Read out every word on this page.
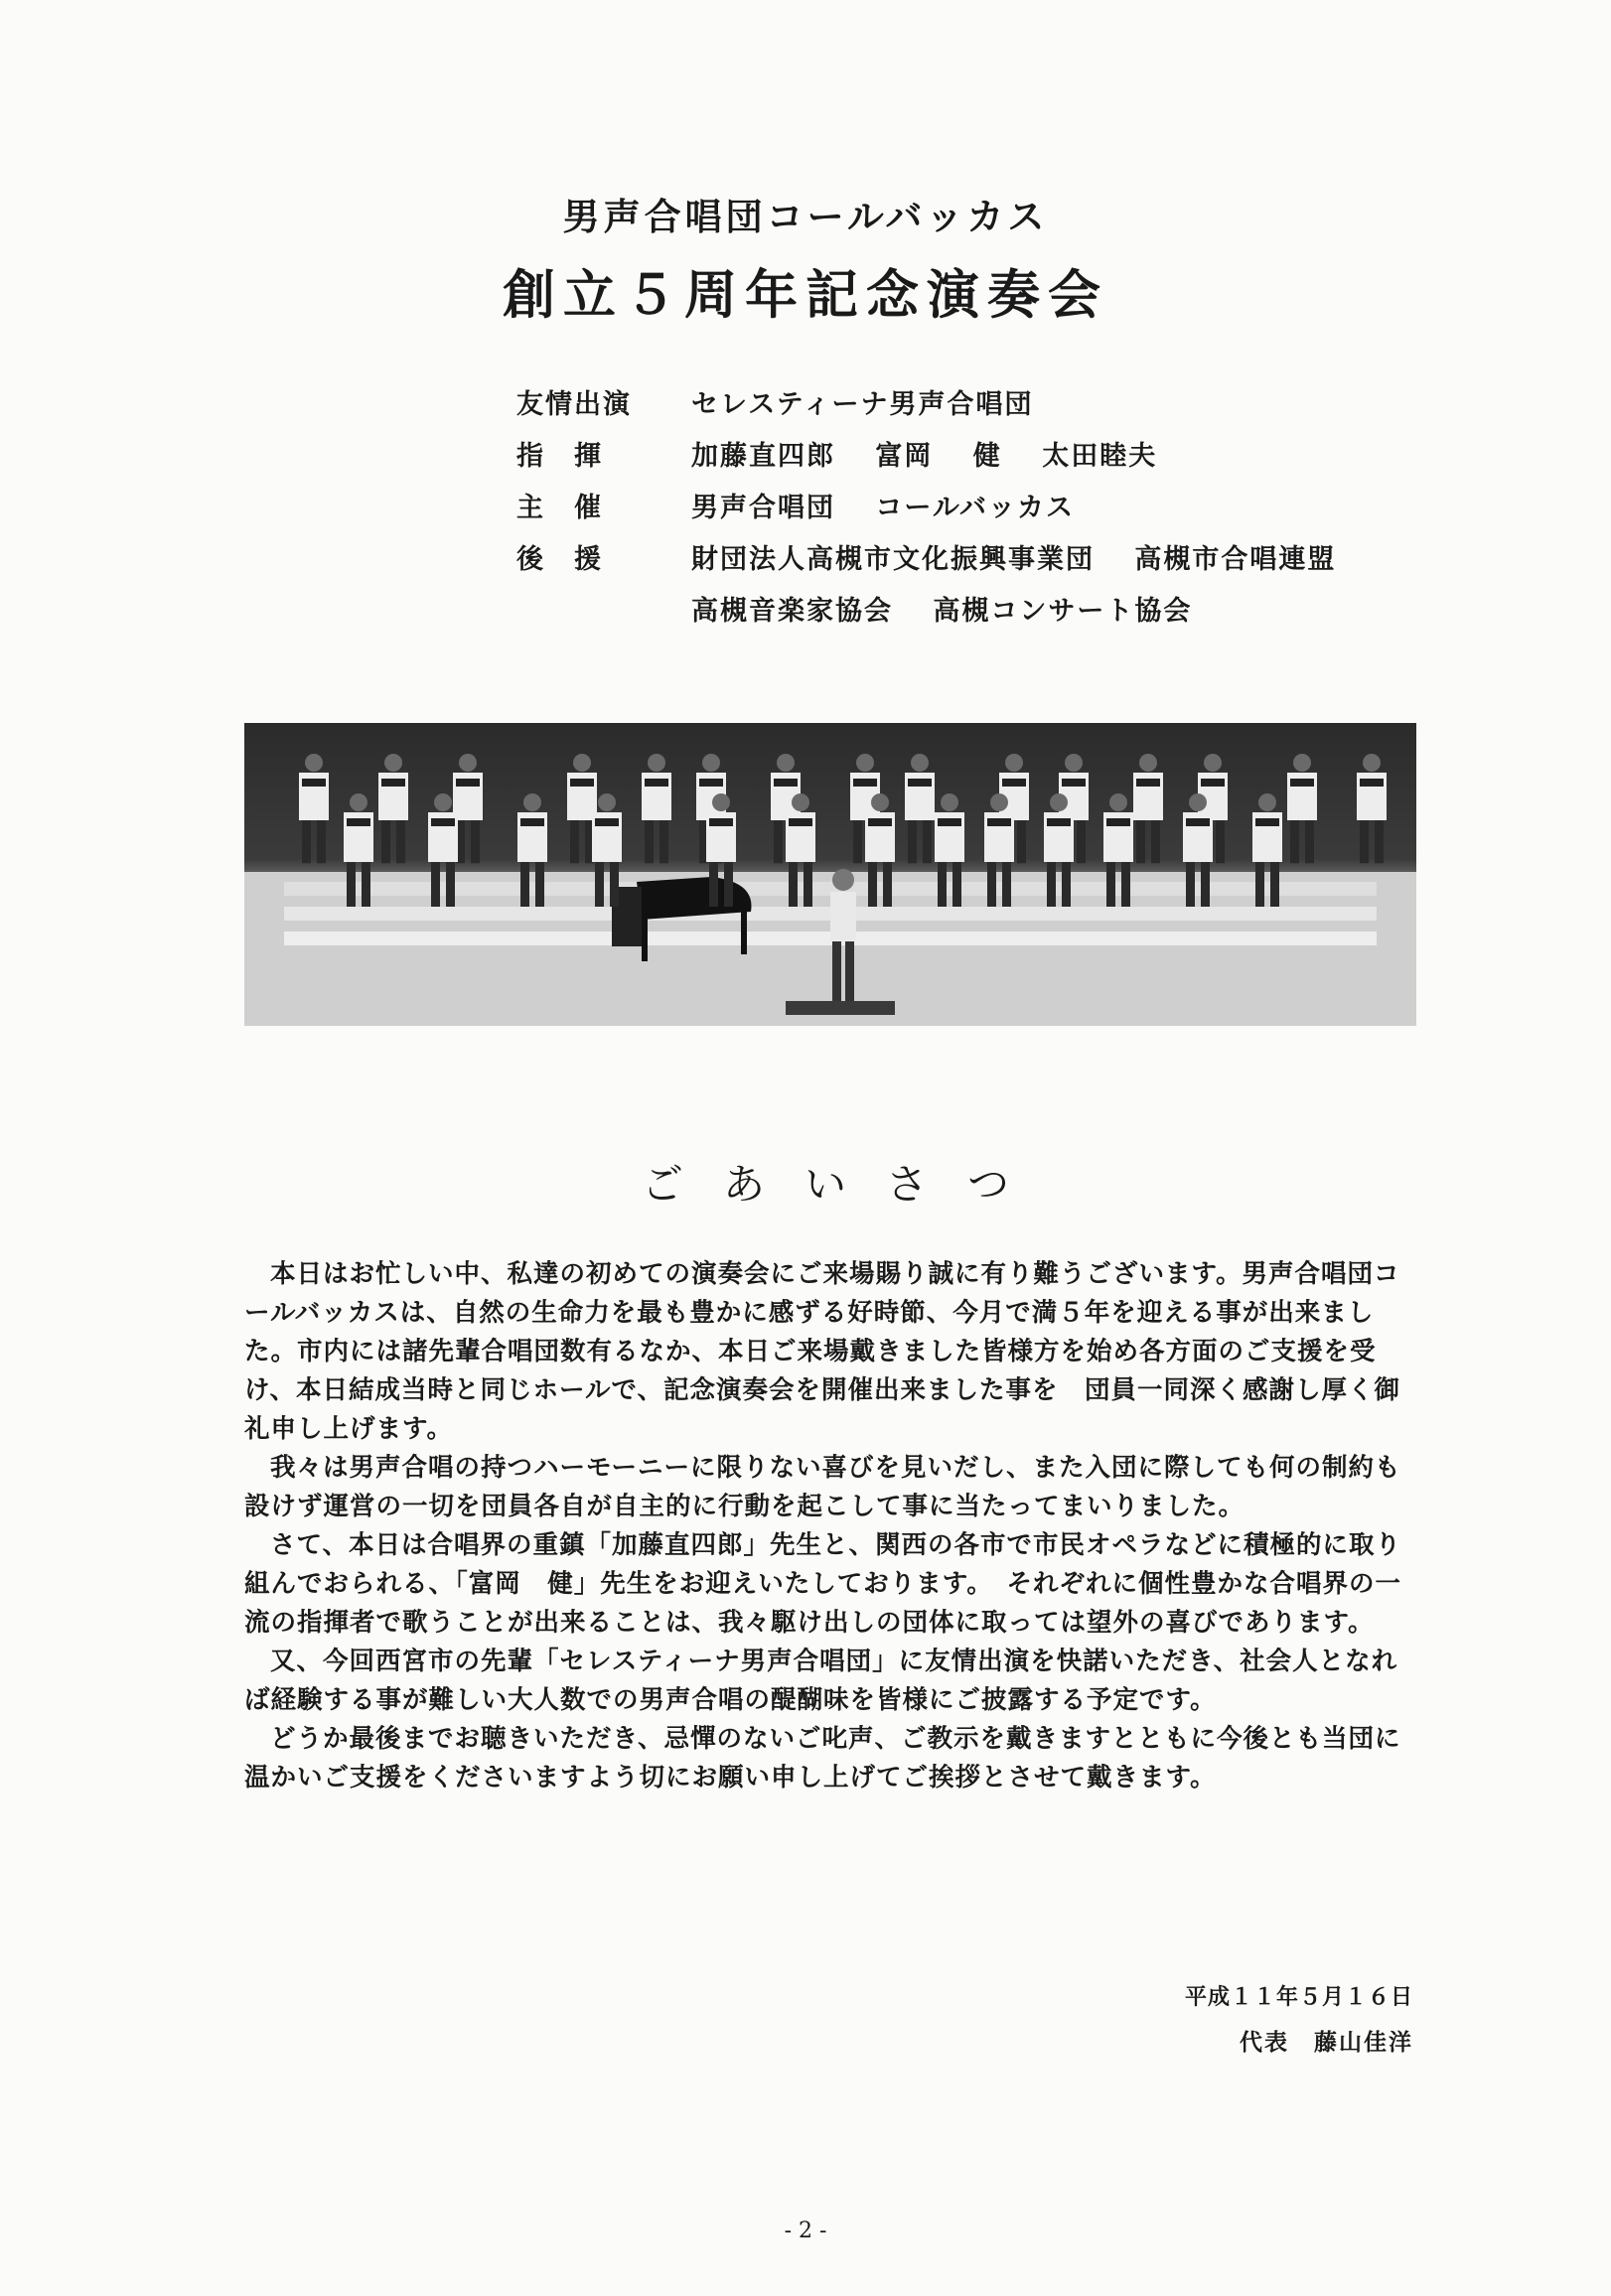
男声合唱団コールバッカス
創立５周年記念演奏会
友情出演	セレスティーナ男声合唱団
指　揮	加藤直四郎　 富岡　 健　 太田睦夫
主　催	男声合唱団　 コールバッカス
後　援	財団法人高槻市文化振興事業団　 高槻市合唱連盟
高槻音楽家協会　 高槻コンサート協会
ごあいさつ

本日はお忙しい中、私達の初めての演奏会にご来場賜り誠に有り難うございます。男声合唱団コールバッカスは、自然の生命力を最も豊かに感ずる好時節、今月で満５年を迎える事が出来ました。市内には諸先輩合唱団数有るなか、本日ご来場戴きました皆様方を始め各方面のご支援を受け、本日結成当時と同じホールで、記念演奏会を開催出来ました事を　団員一同深く感謝し厚く御礼申し上げます。

我々は男声合唱の持つハーモーニーに限りない喜びを見いだし、また入団に際しても何の制約も設けず運営の一切を団員各自が自主的に行動を起こして事に当たってまいりました。

さて、本日は合唱界の重鎮「加藤直四郎」先生と、関西の各市で市民オペラなどに積極的に取り組んでおられる、「富岡　健」先生をお迎えいたしております。　それぞれに個性豊かな合唱界の一流の指揮者で歌うことが出来ることは、我々駆け出しの団体に取っては望外の喜びであります。

又、今回西宮市の先輩「セレスティーナ男声合唱団」に友情出演を快諾いただき、社会人となれば経験する事が難しい大人数での男声合唱の醍醐味を皆様にご披露する予定です。

どうか最後までお聴きいただき、忌憚のないご叱声、ご教示を戴きますとともに今後とも当団に温かいご支援をくださいますよう切にお願い申し上げてご挨拶とさせて戴きます。

平成１１年５月１６日
代表　藤山佳洋
- 2 -
